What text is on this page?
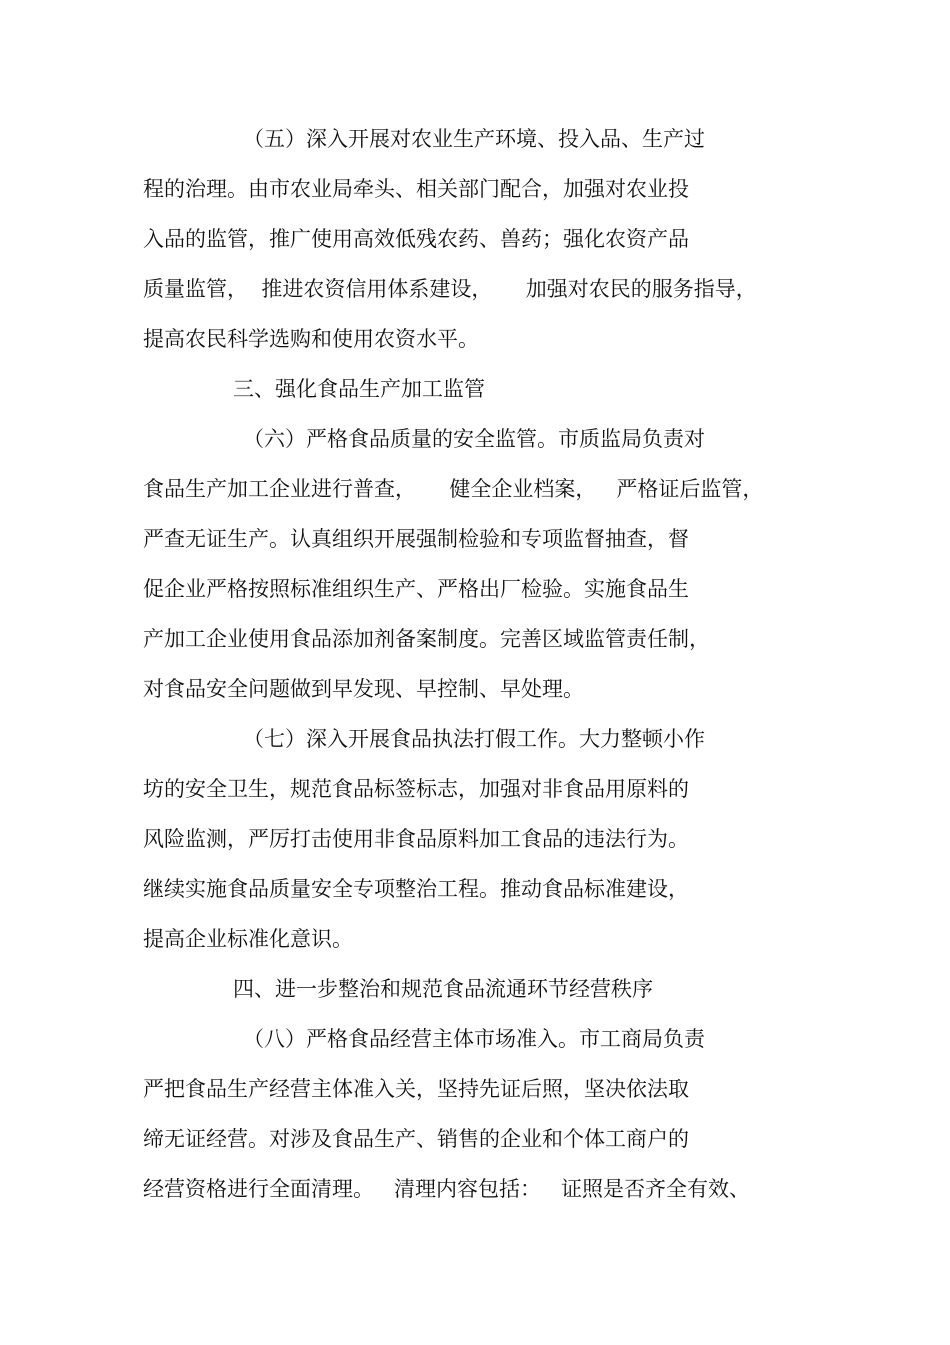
（五）深入开展对农业生产环境、投入品、生产过

程的治理。由市农业局牵头、相关部门配合，加强对农业投

入品的监管，推广使用高效低残农药、兽药；强化农资产品

质量监管，  推进农资信用体系建设，     加强对农民的服务指导，

提高农民科学选购和使用农资水平。

三、强化食品生产加工监管

（六）严格食品质量的安全监管。市质监局负责对

食品生产加工企业进行普查，     健全企业档案，   严格证后监管，

严查无证生产。认真组织开展强制检验和专项监督抽查，督

促企业严格按照标准组织生产、严格出厂检验。实施食品生

产加工企业使用食品添加剂备案制度。完善区域监管责任制，

对食品安全问题做到早发现、早控制、早处理。

（七）深入开展食品执法打假工作。大力整顿小作

坊的安全卫生，规范食品标签标志，加强对非食品用原料的

风险监测，严厉打击使用非食品原料加工食品的违法行为。

继续实施食品质量安全专项整治工程。推动食品标准建设，

提高企业标准化意识。

四、进一步整治和规范食品流通环节经营秩序

（八）严格食品经营主体市场准入。市工商局负责

严把食品生产经营主体准入关，坚持先证后照，坚决依法取

缔无证经营。对涉及食品生产、销售的企业和个体工商户的

经营资格进行全面清理。   清理内容包括：   证照是否齐全有效、
